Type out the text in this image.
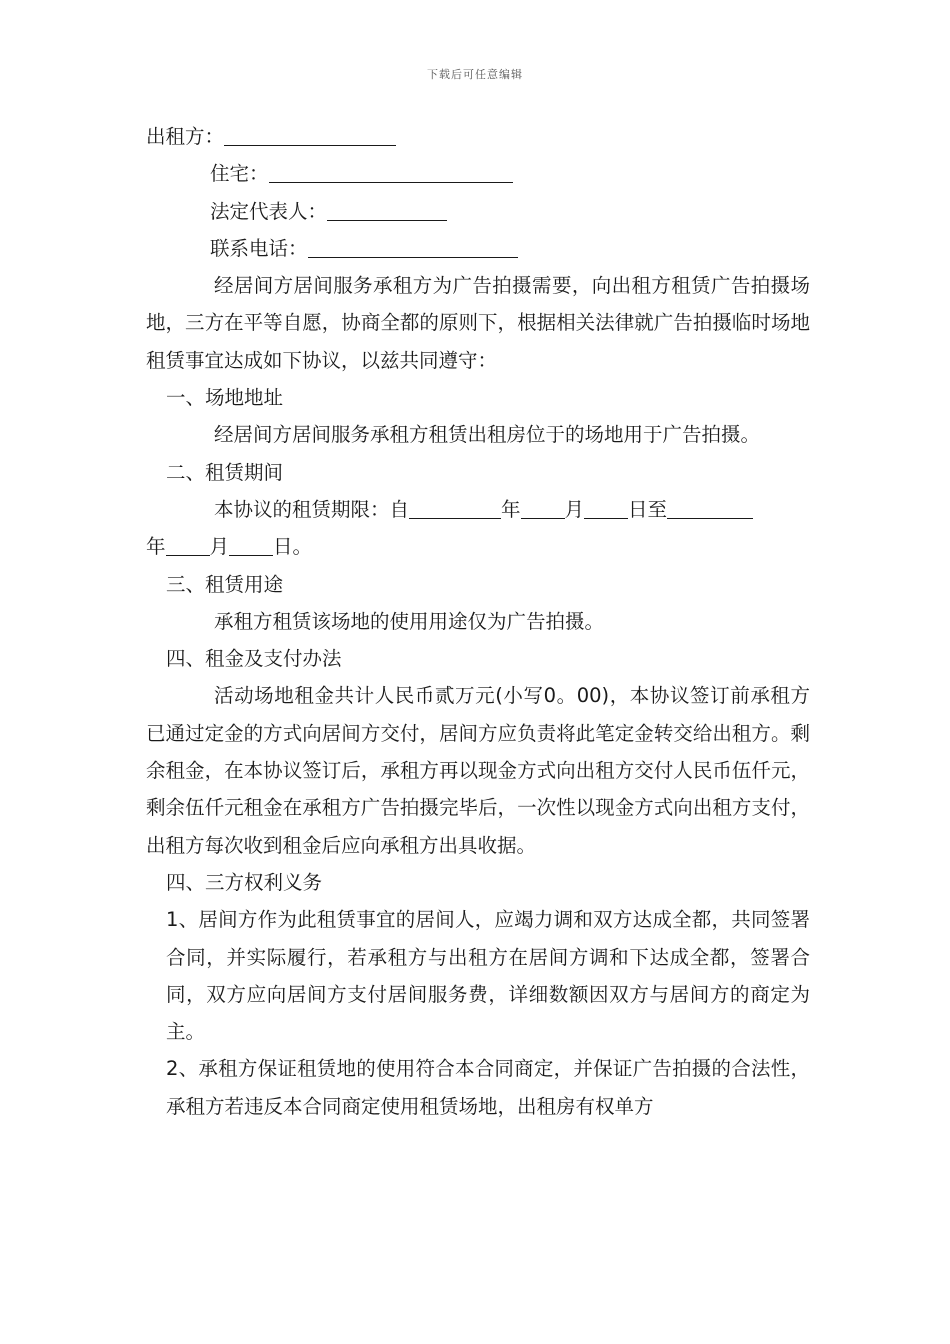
下载后可任意编辑

出租方：

住宅：

法定代表人：

联系电话：

经居间方居间服务承租方为广告拍摄需要，向出租方租赁广告拍摄场地，三方在平等自愿，协商全都的原则下，根据相关法律就广告拍摄临时场地租赁事宜达成如下协议，以兹共同遵守：

一、场地地址

经居间方居间服务承租方租赁出租房位于的场地用于广告拍摄。

二、租赁期间

本协议的租赁期限：自	年 月 日至

年 月 日。

三、租赁用途

承租方租赁该场地的使用用途仅为广告拍摄。

四、租金及支付办法

活动场地租金共计人民币贰万元(小写0。00)，本协议签订前承租方已通过定金的方式向居间方交付，居间方应负责将此笔定金转交给出租方。剩余租金，在本协议签订后，承租方再以现金方式向出租方交付人民币伍仟元，剩余伍仟元租金在承租方广告拍摄完毕后，一次性以现金方式向出租方支付，出租方每次收到租金后应向承租方出具收据。

四、三方权利义务

1、居间方作为此租赁事宜的居间人，应竭力调和双方达成全都，共同签署合同，并实际履行，若承租方与出租方在居间方调和下达成全都，签署合同，双方应向居间方支付居间服务费，详细数额因双方与居间方的商定为主。

2、承租方保证租赁地的使用符合本合同商定，并保证广告拍摄的合法性，承租方若违反本合同商定使用租赁场地，出租房有权单方
